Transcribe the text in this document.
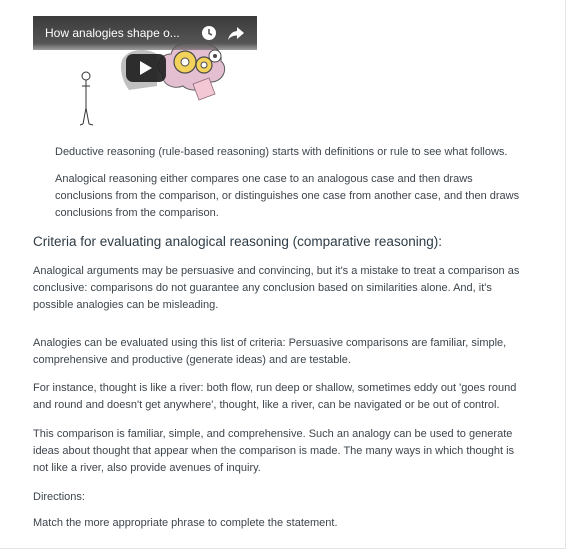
How analogies shape o...
Deductive reasoning (rule-based reasoning) starts with definitions or rule to see what follows.
Analogical reasoning either compares one case to an analogous case and then draws
conclusions from the comparison, or distinguishes one case from another case, and then draws
conclusions from the comparison.
Criteria for evaluating analogical reasoning (comparative reasoning):
Analogical arguments may be persuasive and convincing, but it's a mistake to treat a comparison as
conclusive: comparisons do not guarantee any conclusion based on similarities alone. And, it's
possible analogies can be misleading.
Analogies can be evaluated using this list of criteria: Persuasive comparisons are familiar, simple,
comprehensive and productive (generate ideas) and are testable.
For instance, thought is like a river: both flow, run deep or shallow, sometimes eddy out 'goes round
and round and doesn't get anywhere', thought, like a river, can be navigated or be out of control.
This comparison is familiar, simple, and comprehensive. Such an analogy can be used to generate
ideas about thought that appear when the comparison is made. The many ways in which thought is
not like a river, also provide avenues of inquiry.
Directions:
Match the more appropriate phrase to complete the statement.
